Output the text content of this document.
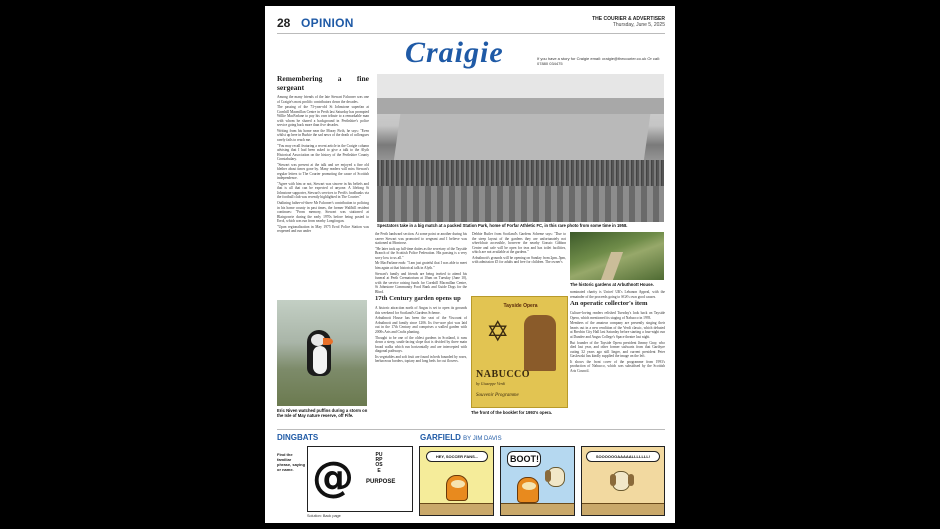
28 OPINION	THE COURIER & ADVERTISER
Thursday, June 5, 2025
Craigie	If you have a story for Craigie email: craigie@thecourier.co.uk Or call: 07880 034475
Remembering a fine sergeant

Among the many friends of the late Stewart Falconer was one of Craigie's most prolific contributors down the decades.

The passing of the 73-year-old St Johnstone superfan at Cornhill Macmillan Centre in Perth last Saturday has prompted Willie MacFarlane to pay his own tribute to a remarkable man with whom he shared a background in Perthshire's police service going back more than five decades.

Writing from his home near the Moray Firth, he says: "Even whilst up here in Burkie the sad news of the death of colleagues rarely fails to reach me.

"You may recall featuring a recent article in the Craigie column advising that I had been asked to give a talk to the Alyth Historical Association on the history of the Perthshire County Constabulary.

"Stewart was present at the talk and we enjoyed a fine old blether about times gone by. Many readers will miss Stewart's regular letters to The Courier promoting the cause of Scottish independence.

"Agree with him or not, Stewart was sincere in his beliefs and that is all that can be expected of anyone. A lifelong St Johnstone supporter, Stewart's services to Perth's foodbanks via the football club was recently highlighted in The Courier."

Outlining father-of-three Mr Falconer's contribution to policing in his home county in past times, the former Walfhill resident continues: "From memory, Stewart was stationed at Blairgowrie during the early 1970s before being posted to Errol, which was run from nearby Longforgan.

"Upon regionalisation in May 1975 Errol Police Station was reopened and run under

Spectators take in a big match at a packed Station Park, home of Forfar Athletic FC, in this rare photo from some time in 1958.

the Perth landward section. At some point or another during his career Stewart was promoted to sergeant and I believe was stationed at Montrose.

"He later took up full-time duties as the secretary of the Tayside Branch of the Scottish Police Federation. His passing is a very sorry loss to us all."

Mr MacFarlane ends: "I am just grateful that I was able to meet him again at that historical talk in Alyth."

Stewart's family and friends are being invited to attend his funeral at Perth Crematorium at 10am on Tuesday (June 10), with the service raising funds for Cornhill Macmillan Centre, St Johnstone Community Food Bank and Guide Dogs for the Blind.

17th Century garden opens up

A historic attraction north of Angus is set to open its grounds this weekend for Scotland's Gardens Scheme.

Arbuthnott House has been the seat of the Viscount of Arbuthnott and family since 1206. Its five-acre plot was laid out in the 17th Century and comprises a walled garden with 2000s Arts and Crafts planting.

Thought to be one of the oldest gardens in Scotland, it runs down a steep, south-facing slope that is divided by three main broad walks which run horizontally and are intercepted with diagonal pathways.

Its vegetables and soft fruit are found in beds bounded by roses, herbaceous borders, topiary and long beds for cut flowers.

Debbie Butler from Scotland's Gardens Scheme says: "Due to the steep layout of the gardens they are unfortunately not wheelchair accessible, however the nearby Grassic Gibbon Centre and cafe will be open for teas and has toilet facilities, which are not available at the gardens."

Arbuthnott's grounds will be opening on Sunday from 2pm–5pm, with admission £5 for adults and free for children. The owner's

Tayside Opera
✡
NABUCCO
by Giuseppe Verdi
Souvenir Programme
The front of the booklet for 1993's opera.
The historic gardens at Arbuthnott House.

nominated charity is Unicef UK's Lebanon Appeal, with the remainder of the proceeds going to SGS's own good causes.

An operatic collector's item

Culture-loving readers relished Tuesday's look back on Tayside Opera, which mentioned its staging of Nabucco in 1993.

Members of the amateur company are presently singing their hearts out in a new rendition of the Verdi classic, which debuted at Brechin City Hall last Saturday before starting a four-night run at Dundee and Angus College's Space theatre last night.

But founder of the Tayside Opera president Jimmy Gray, who died last year, and other former stalwarts from that Garthyre outing 32 years ago still linger, and current president Peter Gaslowski has kindly supplied the image on the left.

It shows the front cover of the programme from 1993's production of Nabucco, which was subsidised by the Scottish Arts Council.

Eric Niven watched puffins during a storm on the Isle of May nature reserve, off Fife.
DINGBATS
Find the familiar phrase, saying or name. @	PURPOSE
PURPOSE
Solution: Back page
GARFIELD BY JIM DAVIS
HEY, SOCCER FANS...	BOOT!	SOOOOOOAAAAALLLLLLL!
